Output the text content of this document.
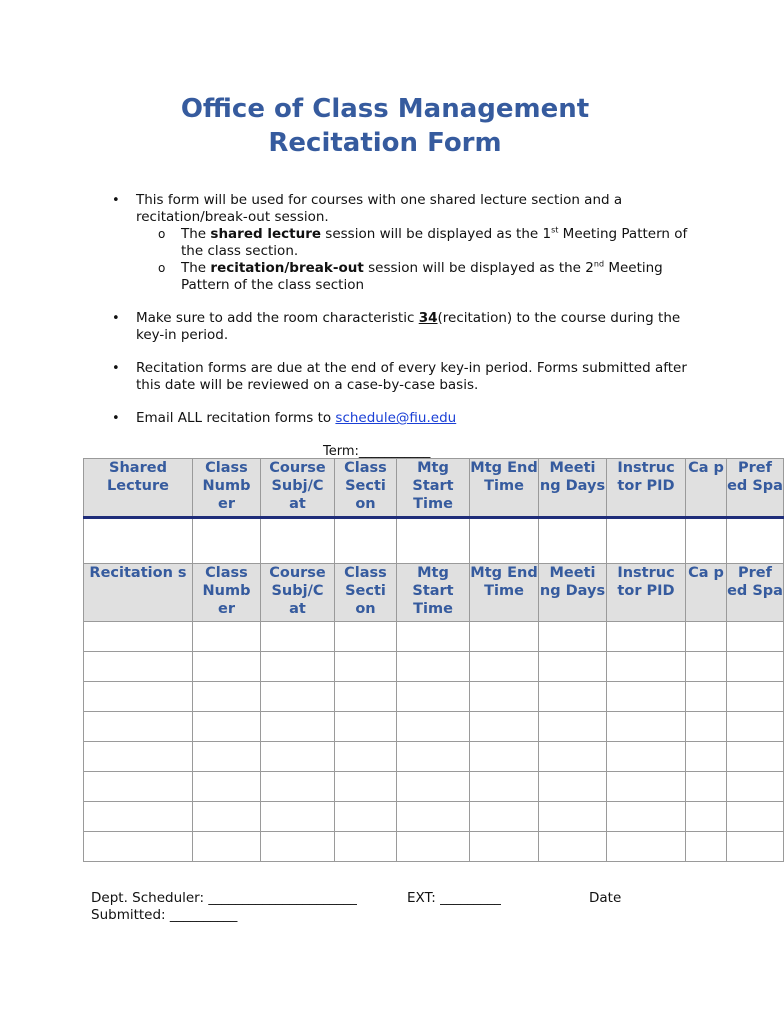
Office of Class Management
Recitation Form
• This form will be used for courses with one shared lecture section and a recitation/break-out session.
o The shared lecture session will be displayed as the 1st Meeting Pattern of the class section.
o The recitation/break-out session will be displayed as the 2nd Meeting Pattern of the class section
• Make sure to add the room characteristic 34(recitation) to the course during the key-in period.
• Recitation forms are due at the end of every key-in period. Forms submitted after this date will be reviewed on a case-by-case basis.
• Email ALL recitation forms to schedule@fiu.edu
Term:___________
Shared Lecture	Class Numb er	Course Subj/C at	Class Secti on	Mtg Start Time	Mtg End Time	Meeti ng Days	Instruc tor PID	Ca p	Pref ed Spa

Recitation s	Class Numb er	Course Subj/C at	Class Secti on	Mtg Start Time	Mtg End Time	Meeti ng Days	Instruc tor PID	Ca p	Pref ed Spa

Dept. Scheduler: ______________________	EXT: _________	Date
Submitted: __________
